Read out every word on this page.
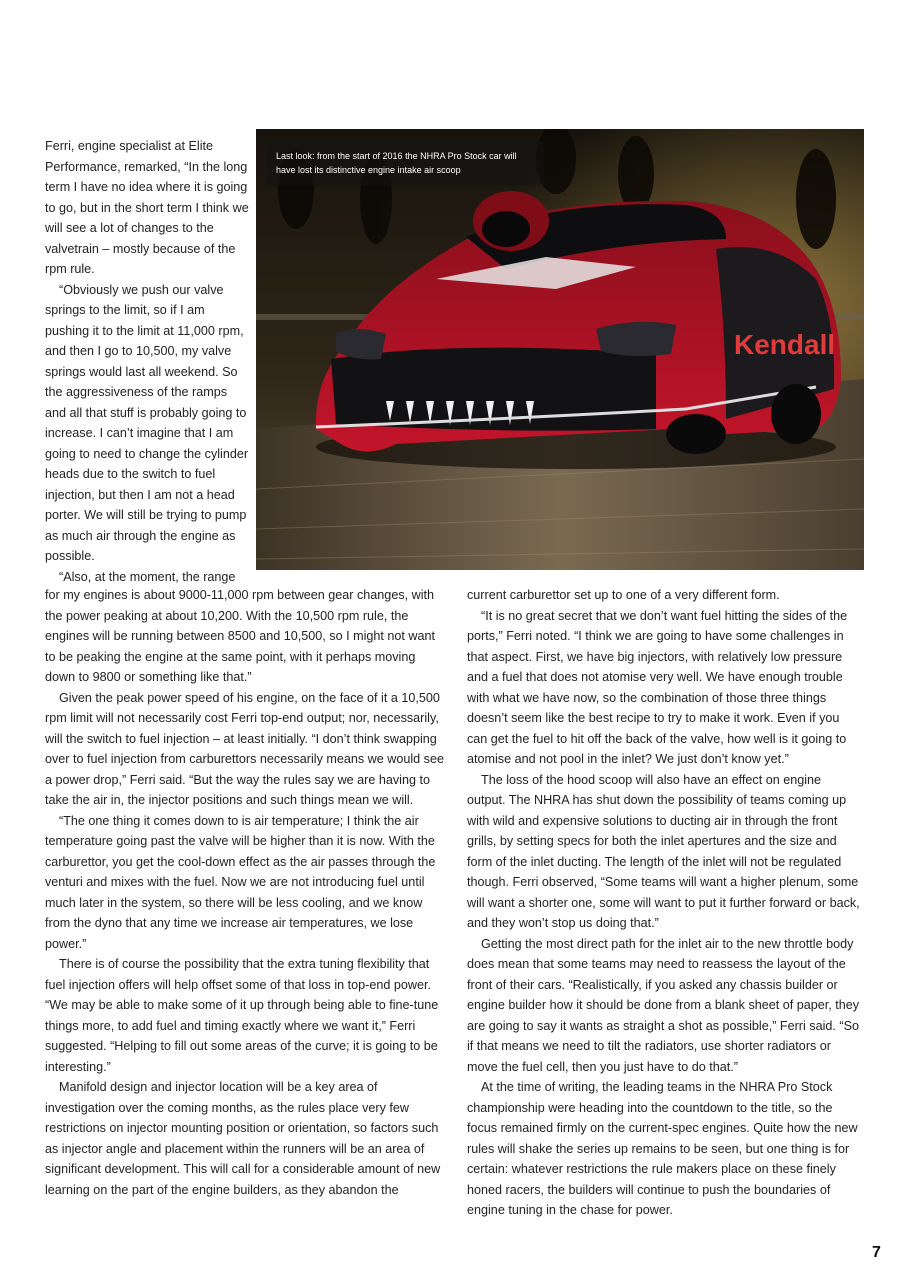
Ferri, engine specialist at Elite Performance, remarked, “In the long term I have no idea where it is going to go, but in the short term I think we will see a lot of changes to the valvetrain – mostly because of the rpm rule.

“Obviously we push our valve springs to the limit, so if I am pushing it to the limit at 11,000 rpm, and then I go to 10,500, my valve springs would last all weekend. So the aggressiveness of the ramps and all that stuff is probably going to increase. I can’t imagine that I am going to need to change the cylinder heads due to the switch to fuel injection, but then I am not a head porter. We will still be trying to pump as much air through the engine as possible.

“Also, at the moment, the range

Kendall
Last look: from the start of 2016 the NHRA Pro Stock car will have lost its distinctive engine intake air scoop

for my engines is about 9000-11,000 rpm between gear changes, with the power peaking at about 10,200. With the 10,500 rpm rule, the engines will be running between 8500 and 10,500, so I might not want to be peaking the engine at the same point, with it perhaps moving down to 9800 or something like that.”

Given the peak power speed of his engine, on the face of it a 10,500 rpm limit will not necessarily cost Ferri top-end output; nor, necessarily, will the switch to fuel injection – at least initially. “I don’t think swapping over to fuel injection from carburettors necessarily means we would see a power drop,” Ferri said. “But the way the rules say we are having to take the air in, the injector positions and such things mean we will.

“The one thing it comes down to is air temperature; I think the air temperature going past the valve will be higher than it is now. With the carburettor, you get the cool-down effect as the air passes through the venturi and mixes with the fuel. Now we are not introducing fuel until much later in the system, so there will be less cooling, and we know from the dyno that any time we increase air temperatures, we lose power.”

There is of course the possibility that the extra tuning flexibility that fuel injection offers will help offset some of that loss in top-end power. “We may be able to make some of it up through being able to fine-tune things more, to add fuel and timing exactly where we want it,” Ferri suggested. “Helping to fill out some areas of the curve; it is going to be interesting.”

Manifold design and injector location will be a key area of investigation over the coming months, as the rules place very few restrictions on injector mounting position or orientation, so factors such as injector angle and placement within the runners will be an area of significant development. This will call for a considerable amount of new learning on the part of the engine builders, as they abandon the

current carburettor set up to one of a very different form.

“It is no great secret that we don’t want fuel hitting the sides of the ports,” Ferri noted. “I think we are going to have some challenges in that aspect. First, we have big injectors, with relatively low pressure and a fuel that does not atomise very well. We have enough trouble with what we have now, so the combination of those three things doesn’t seem like the best recipe to try to make it work. Even if you can get the fuel to hit off the back of the valve, how well is it going to atomise and not pool in the inlet? We just don’t know yet.”

The loss of the hood scoop will also have an effect on engine output. The NHRA has shut down the possibility of teams coming up with wild and expensive solutions to ducting air in through the front grills, by setting specs for both the inlet apertures and the size and form of the inlet ducting. The length of the inlet will not be regulated though. Ferri observed, “Some teams will want a higher plenum, some will want a shorter one, some will want to put it further forward or back, and they won’t stop us doing that.”

Getting the most direct path for the inlet air to the new throttle body does mean that some teams may need to reassess the layout of the front of their cars. “Realistically, if you asked any chassis builder or engine builder how it should be done from a blank sheet of paper, they are going to say it wants as straight a shot as possible,” Ferri said. “So if that means we need to tilt the radiators, use shorter radiators or move the fuel cell, then you just have to do that.”

At the time of writing, the leading teams in the NHRA Pro Stock championship were heading into the countdown to the title, so the focus remained firmly on the current-spec engines. Quite how the new rules will shake the series up remains to be seen, but one thing is for certain: whatever restrictions the rule makers place on these finely honed racers, the builders will continue to push the boundaries of engine tuning in the chase for power.

7
